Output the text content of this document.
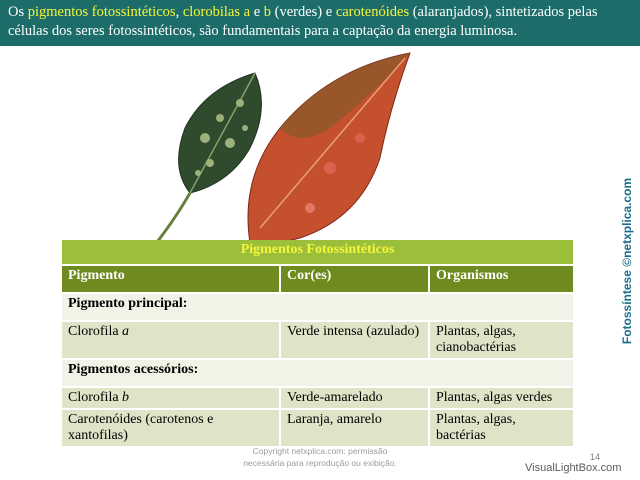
Os pigmentos fotossintéticos, clorobilas a e b (verdes) e carotenóides (alaranjados), sintetizados pelas células dos seres fotossintéticos, são fundamentais para a captação da energia luminosa.
Fotossíntese ©netxplica.com
Pigmentos Fotossintéticos		
Pigmento	Cor(es)	Organismos
Pigmento principal:		
Clorofila a	Verde intensa (azulado)	Plantas, algas, cianobactérias
Pigmentos acessórios:		
Clorofila b	Verde-amarelado	Plantas, algas verdes
Carotenóides (carotenos e xantofilas)	Laranja, amarelo	Plantas, algas, bactérias
Copyright netxplica.com: permissão
necessária para reprodução ou exibição.
14
VisualLightBox.com
